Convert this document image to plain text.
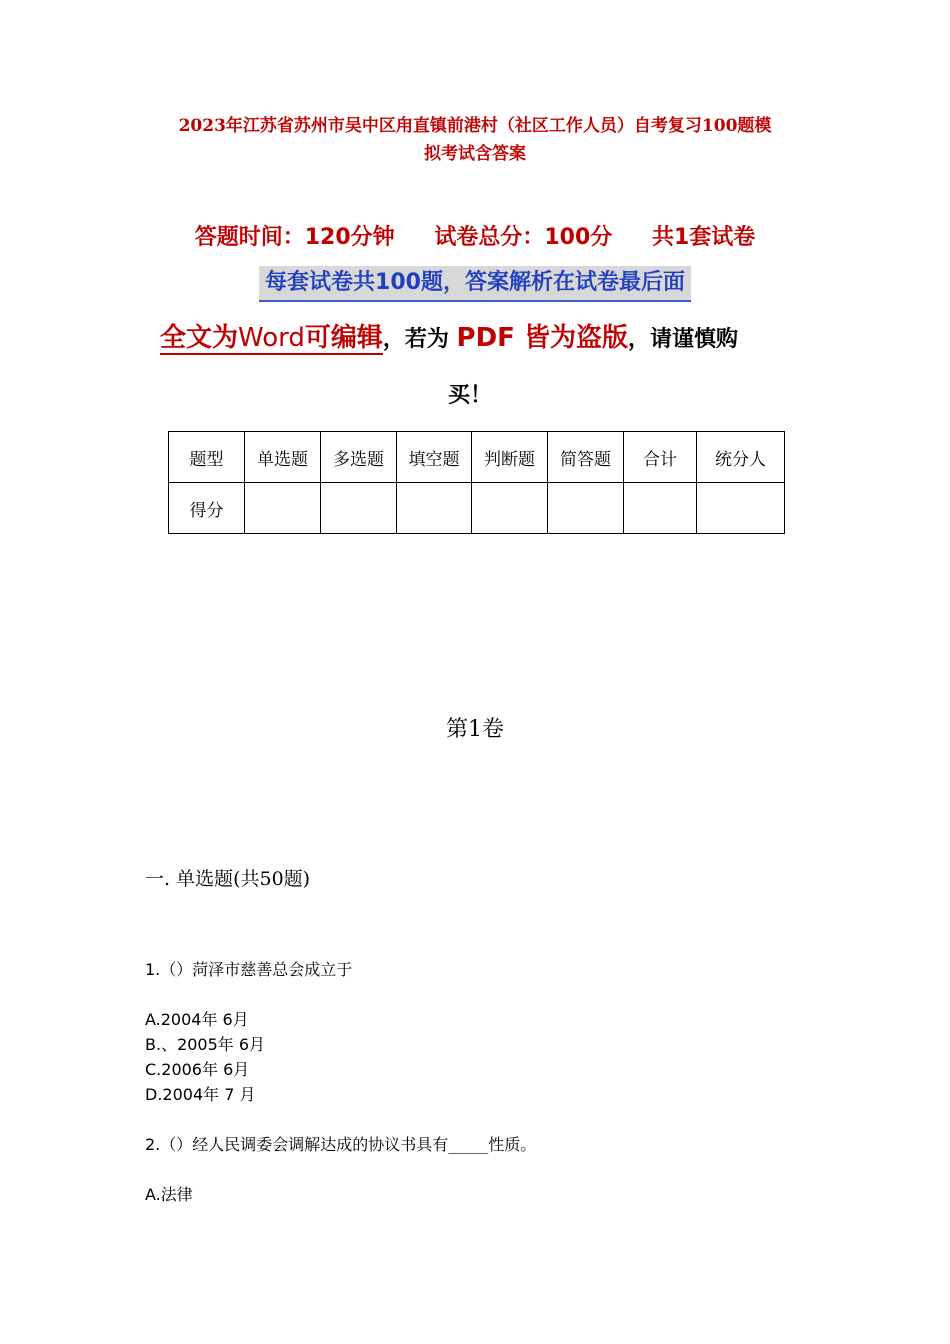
2023年江苏省苏州市吴中区甪直镇前港村（社区工作人员）自考复习100题模
拟考试含答案
答题时间：120分钟 试卷总分：100分 共1套试卷
每套试卷共100题，答案解析在试卷最后面
全文为Word可编辑，若为 PDF 皆为盗版，请谨慎购
买！
题型	单选题	多选题	填空题	判断题	简答题	合计	统分人
得分							
第1卷
一. 单选题(共50题)
1.（）菏泽市慈善总会成立于
A.2004年 6月
B.、2005年 6月
C.2006年 6月
D.2004年 7 月
2.（）经人民调委会调解达成的协议书具有_____性质。
A.法律
